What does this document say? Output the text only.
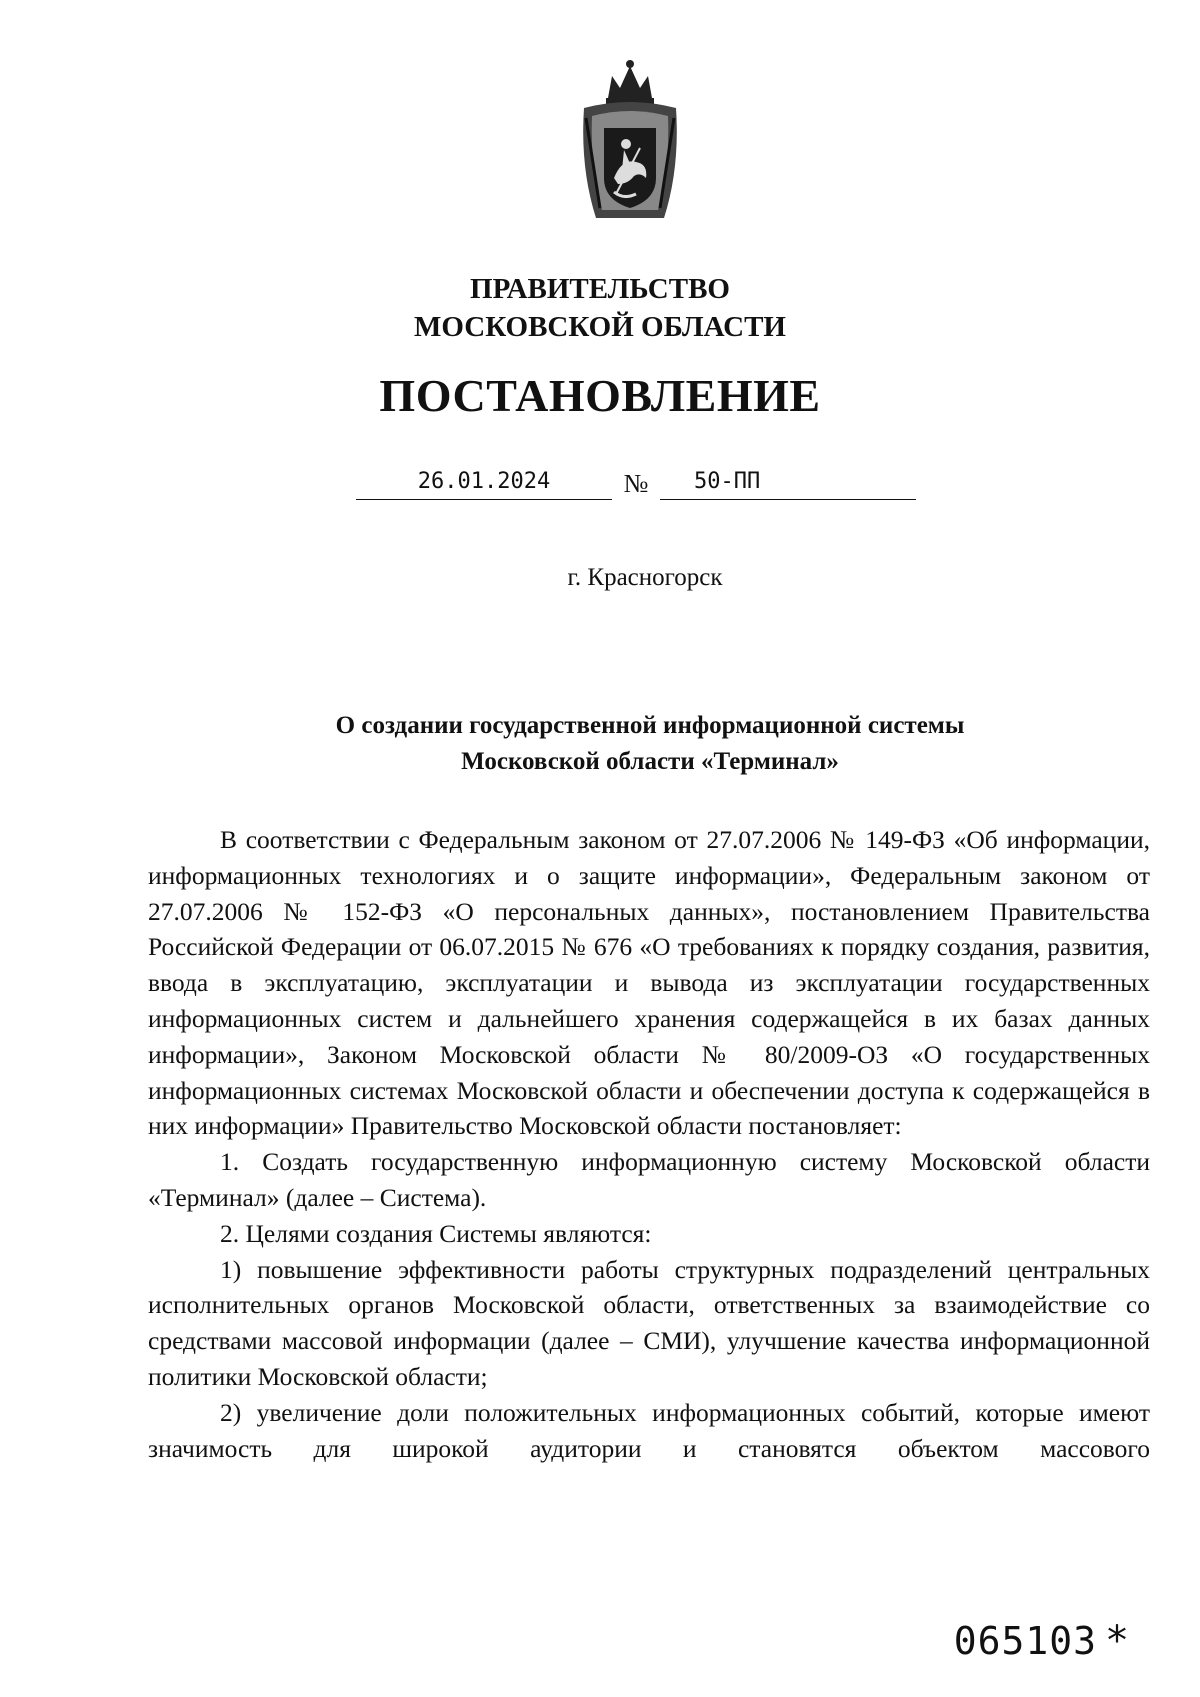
ПРАВИТЕЛЬСТВО
МОСКОВСКОЙ ОБЛАСТИ
ПОСТАНОВЛЕНИЕ
26.01.2024	№	50-ПП
г. Красногорск
О создании государственной информационной системы
Московской области «Терминал»

В соответствии с Федеральным законом от 27.07.2006 № 149-ФЗ «Об информации, информационных технологиях и о защите информации», Федеральным законом от 27.07.2006 № 152-ФЗ «О персональных данных», постановлением Правительства Российской Федерации от 06.07.2015 № 676 «О требованиях к порядку создания, развития, ввода в эксплуатацию, эксплуатации и вывода из эксплуатации государственных информационных систем и дальнейшего хранения содержащейся в их базах данных информации», Законом Московской области № 80/2009-ОЗ «О государственных информационных системах Московской области и обеспечении доступа к содержащейся в них информации» Правительство Московской области постановляет:

1. Создать государственную информационную систему Московской области «Терминал» (далее – Система).

2. Целями создания Системы являются:

1) повышение эффективности работы структурных подразделений центральных исполнительных органов Московской области, ответственных за взаимодействие со средствами массовой информации (далее – СМИ), улучшение качества информационной политики Московской области;

2) увеличение доли положительных информационных событий, которые имеют значимость для широкой аудитории и становятся объектом массового

065103 *
